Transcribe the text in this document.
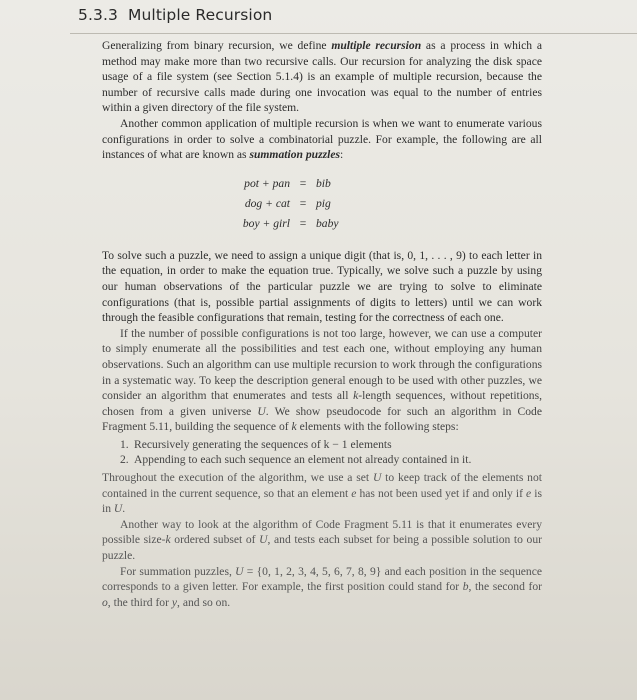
5.3.3 Multiple Recursion

Generalizing from binary recursion, we define multiple recursion as a process in which a method may make more than two recursive calls. Our recursion for analyzing the disk space usage of a file system (see Section 5.1.4) is an example of multiple recursion, because the number of recursive calls made during one invocation was equal to the number of entries within a given directory of the file system.

Another common application of multiple recursion is when we want to enumerate various configurations in order to solve a combinatorial puzzle. For example, the following are all instances of what are known as summation puzzles:

pot + pan = bib
dog + cat = pig
boy + girl = baby

To solve such a puzzle, we need to assign a unique digit (that is, 0, 1, . . . , 9) to each letter in the equation, in order to make the equation true. Typically, we solve such a puzzle by using our human observations of the particular puzzle we are trying to solve to eliminate configurations (that is, possible partial assignments of digits to letters) until we can work through the feasible configurations that remain, testing for the correctness of each one.

If the number of possible configurations is not too large, however, we can use a computer to simply enumerate all the possibilities and test each one, without employing any human observations. Such an algorithm can use multiple recursion to work through the configurations in a systematic way. To keep the description general enough to be used with other puzzles, we consider an algorithm that enumerates and tests all k-length sequences, without repetitions, chosen from a given universe U. We show pseudocode for such an algorithm in Code Fragment 5.11, building the sequence of k elements with the following steps:

1. Recursively generating the sequences of k − 1 elements
2. Appending to each such sequence an element not already contained in it.

Throughout the execution of the algorithm, we use a set U to keep track of the elements not contained in the current sequence, so that an element e has not been used yet if and only if e is in U.

Another way to look at the algorithm of Code Fragment 5.11 is that it enumerates every possible size-k ordered subset of U, and tests each subset for being a possible solution to our puzzle.

For summation puzzles, U = {0, 1, 2, 3, 4, 5, 6, 7, 8, 9} and each position in the sequence corresponds to a given letter. For example, the first position could stand for b, the second for o, the third for y, and so on.
